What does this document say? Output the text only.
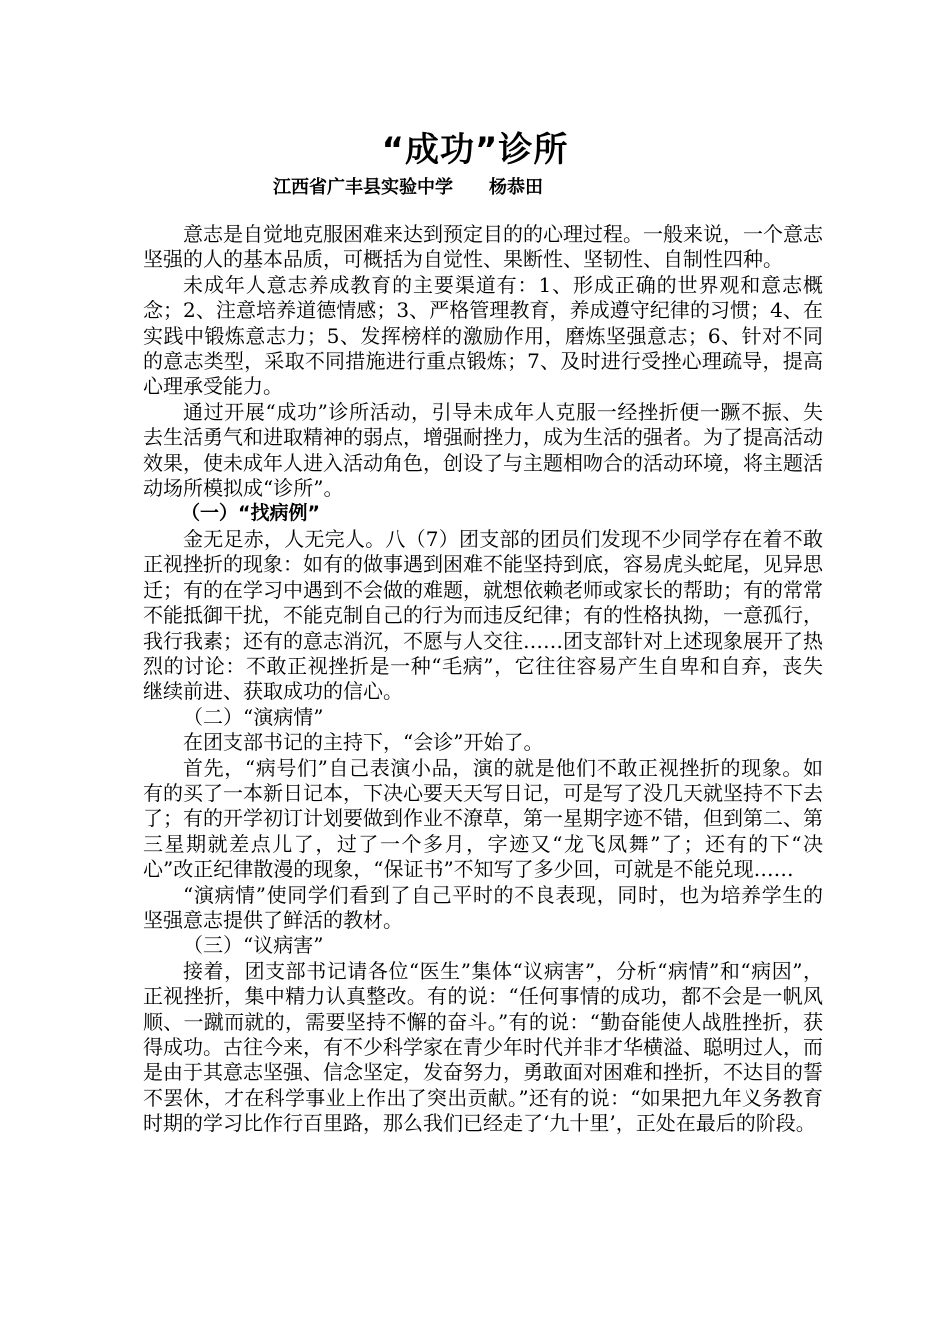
“成功”诊所
江西省广丰县实验中学　　杨恭田

意志是自觉地克服困难来达到预定目的的心理过程。一般来说，一个意志坚强的人的基本品质，可概括为自觉性、果断性、坚韧性、自制性四种。

未成年人意志养成教育的主要渠道有：1、形成正确的世界观和意志概念；2、注意培养道德情感；3、严格管理教育，养成遵守纪律的习惯；4、在实践中锻炼意志力；5、发挥榜样的激励作用，磨炼坚强意志；6、针对不同的意志类型，采取不同措施进行重点锻炼；7、及时进行受挫心理疏导，提高心理承受能力。

通过开展“成功”诊所活动，引导未成年人克服一经挫折便一蹶不振、失去生活勇气和进取精神的弱点，增强耐挫力，成为生活的强者。为了提高活动效果，使未成年人进入活动角色，创设了与主题相吻合的活动环境，将主题活动场所模拟成“诊所”。

（一）“找病例”

金无足赤，人无完人。八（7）团支部的团员们发现不少同学存在着不敢正视挫折的现象：如有的做事遇到困难不能坚持到底，容易虎头蛇尾，见异思迁；有的在学习中遇到不会做的难题，就想依赖老师或家长的帮助；有的常常不能抵御干扰，不能克制自己的行为而违反纪律；有的性格执拗，一意孤行，我行我素；还有的意志消沉，不愿与人交往……团支部针对上述现象展开了热烈的讨论：不敢正视挫折是一种“毛病”，它往往容易产生自卑和自弃，丧失继续前进、获取成功的信心。

（二）“演病情”

在团支部书记的主持下，“会诊”开始了。

首先，“病号们”自己表演小品，演的就是他们不敢正视挫折的现象。如有的买了一本新日记本，下决心要天天写日记，可是写了没几天就坚持不下去了；有的开学初订计划要做到作业不潦草，第一星期字迹不错，但到第二、第三星期就差点儿了，过了一个多月，字迹又“龙飞凤舞”了；还有的下“决心”改正纪律散漫的现象，“保证书”不知写了多少回，可就是不能兑现……

“演病情”使同学们看到了自己平时的不良表现，同时，也为培养学生的坚强意志提供了鲜活的教材。

（三）“议病害”

接着，团支部书记请各位“医生”集体“议病害”，分析“病情”和“病因”，正视挫折，集中精力认真整改。有的说：“任何事情的成功，都不会是一帆风顺、一蹴而就的，需要坚持不懈的奋斗。”有的说：“勤奋能使人战胜挫折，获得成功。古往今来，有不少科学家在青少年时代并非才华横溢、聪明过人，而是由于其意志坚强、信念坚定，发奋努力，勇敢面对困难和挫折，不达目的誓不罢休，才在科学事业上作出了突出贡献。”还有的说：“如果把九年义务教育时期的学习比作行百里路，那么我们已经走了‘九十里’，正处在最后的阶段。
